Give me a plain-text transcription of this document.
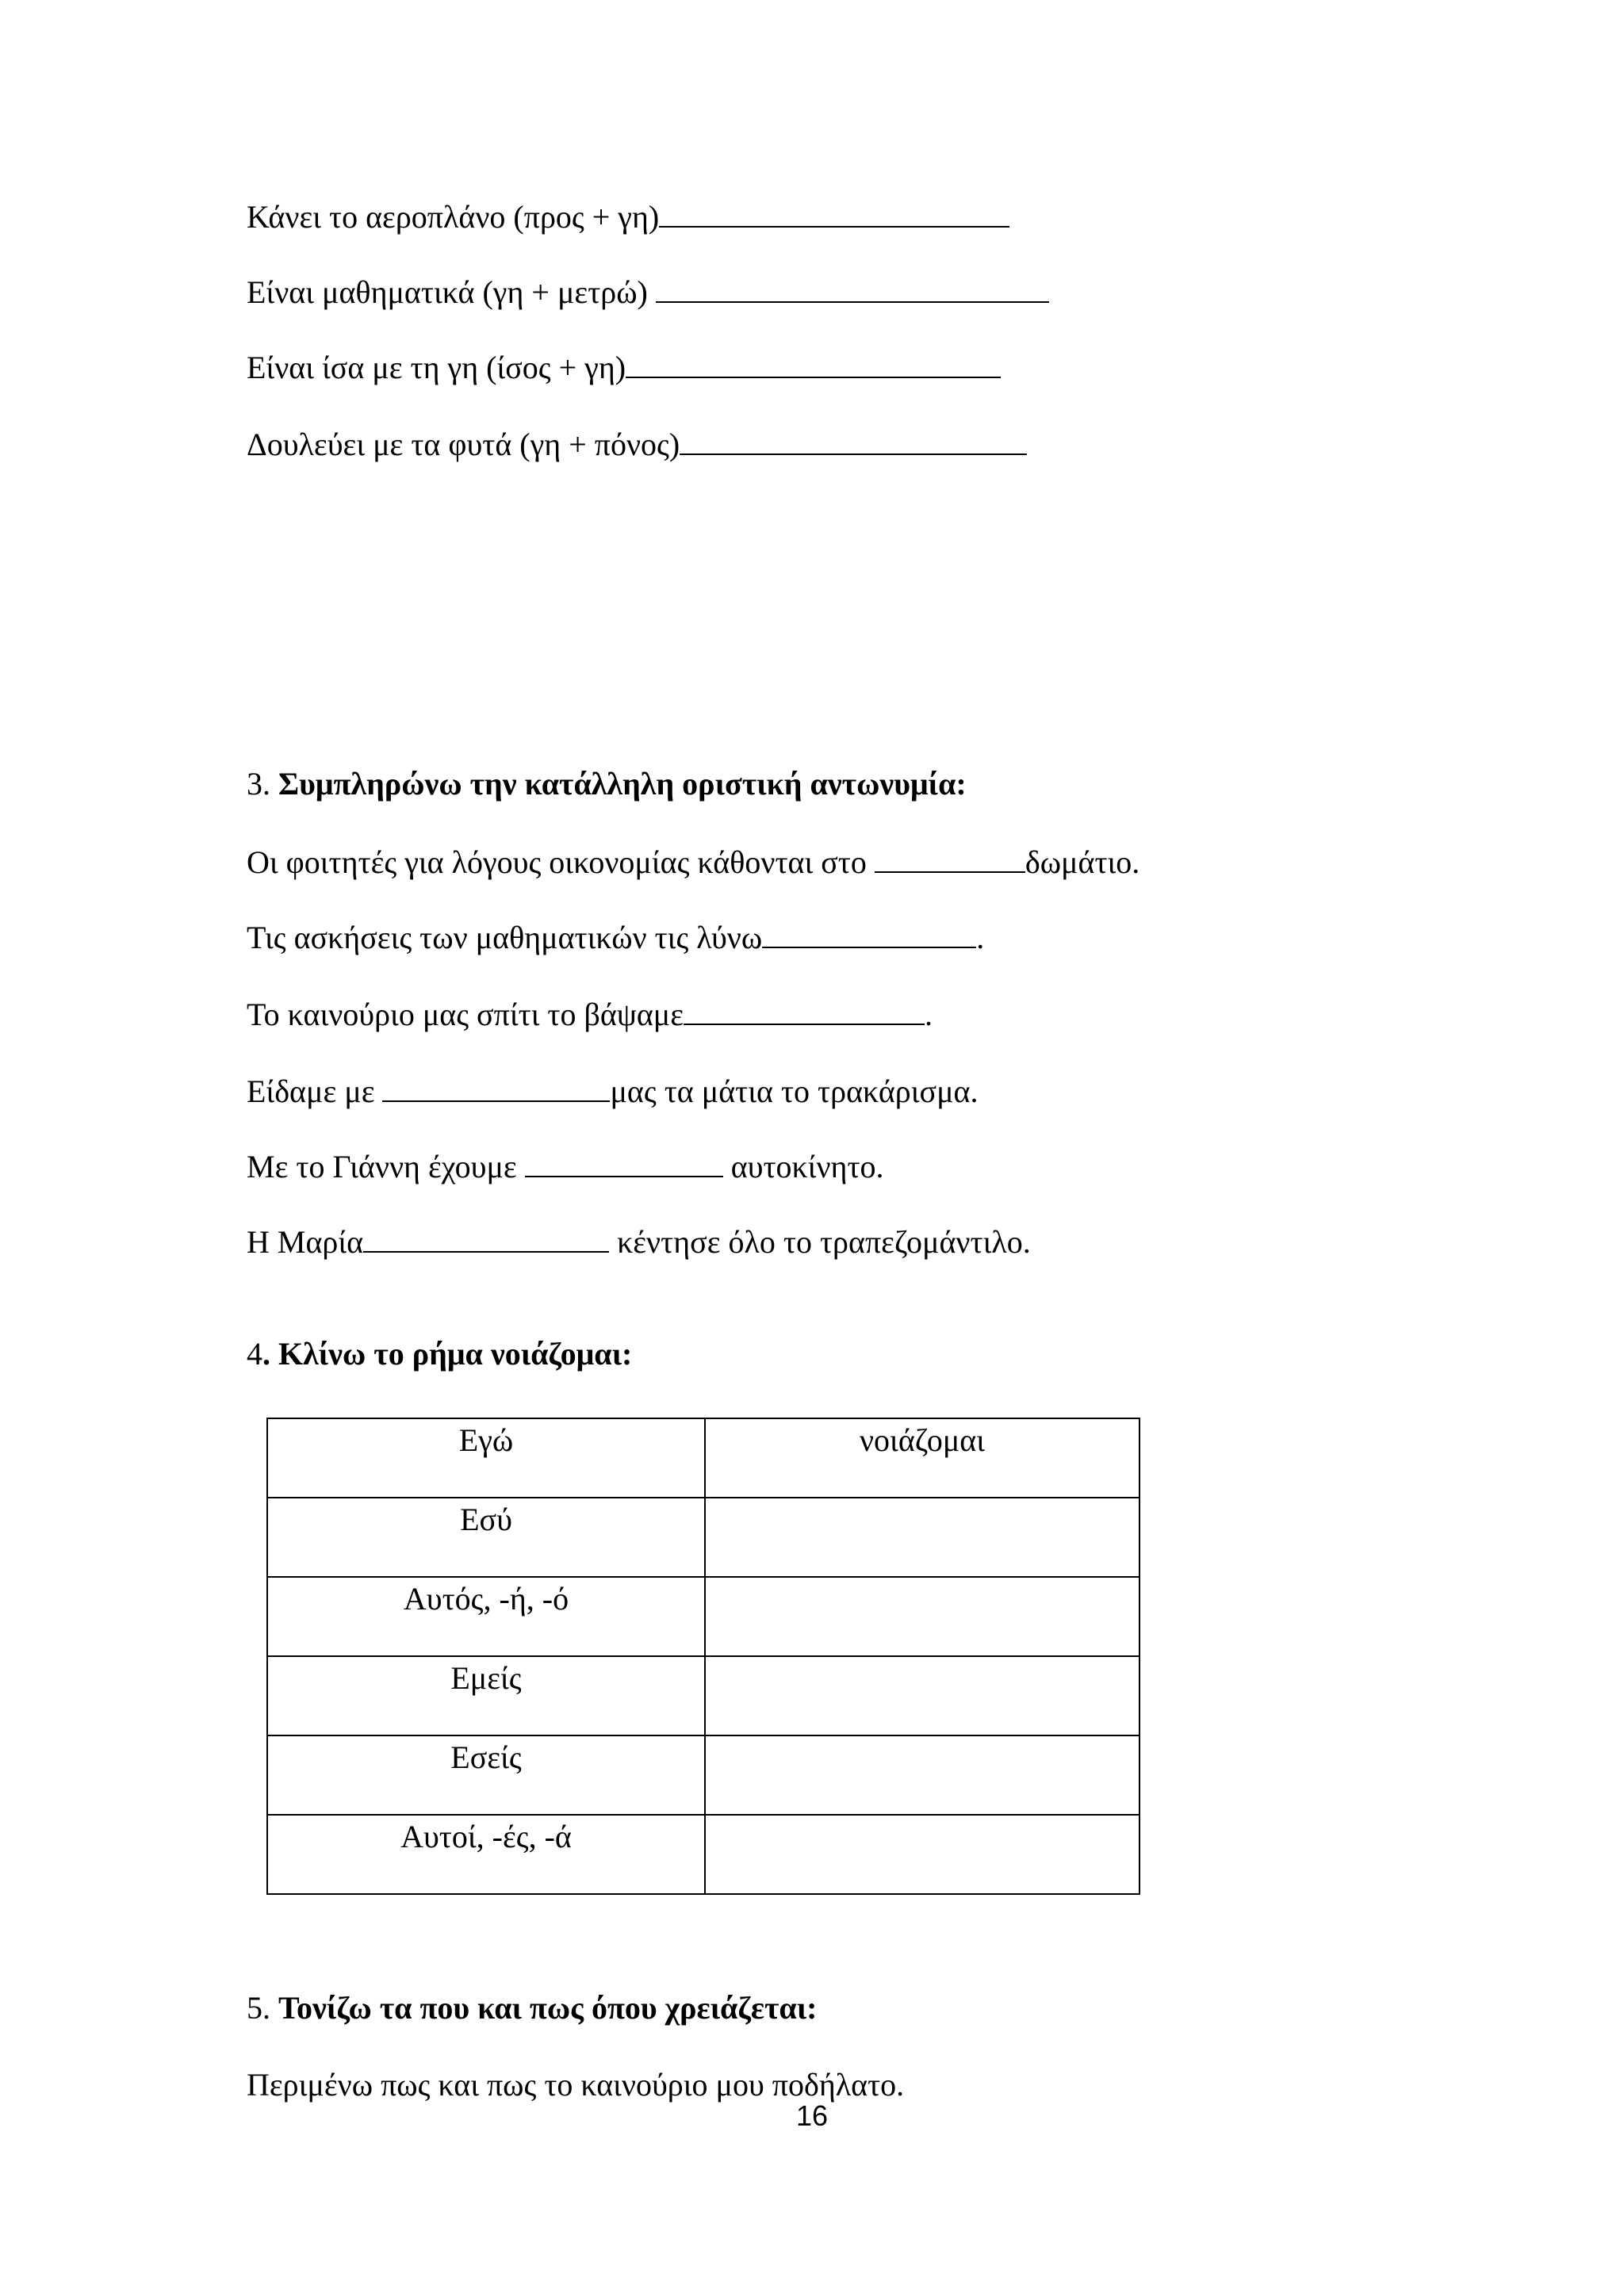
Κάνει το αεροπλάνο (προς + γη)
Είναι μαθηματικά (γη + μετρώ)
Είναι ίσα με τη γη (ίσος + γη)
Δουλεύει με τα φυτά (γη + πόνος)
3. Συμπληρώνω την κατάλληλη οριστική αντωνυμία:
Οι φοιτητές για λόγους οικονομίας κάθονται στο	δωμάτιο.
Τις ασκήσεις των μαθηματικών τις λύνω	.
Το καινούριο μας σπίτι το βάψαμε	.
Είδαμε με	μας τα μάτια το τρακάρισμα.
Με το Γιάννη έχουμε	αυτοκίνητο.
Η Μαρία	κέντησε όλο το τραπεζομάντιλο.
4. Κλίνω το ρήμα νοιάζομαι:
Εγώ	νοιάζομαι
Εσύ	
Αυτός, -ή, -ό	
Εμείς	
Εσείς	
Αυτοί, -ές, -ά	
5. Τονίζω τα που και πως όπου χρειάζεται:
Περιμένω πως και πως το καινούριο μου ποδήλατο.
16
